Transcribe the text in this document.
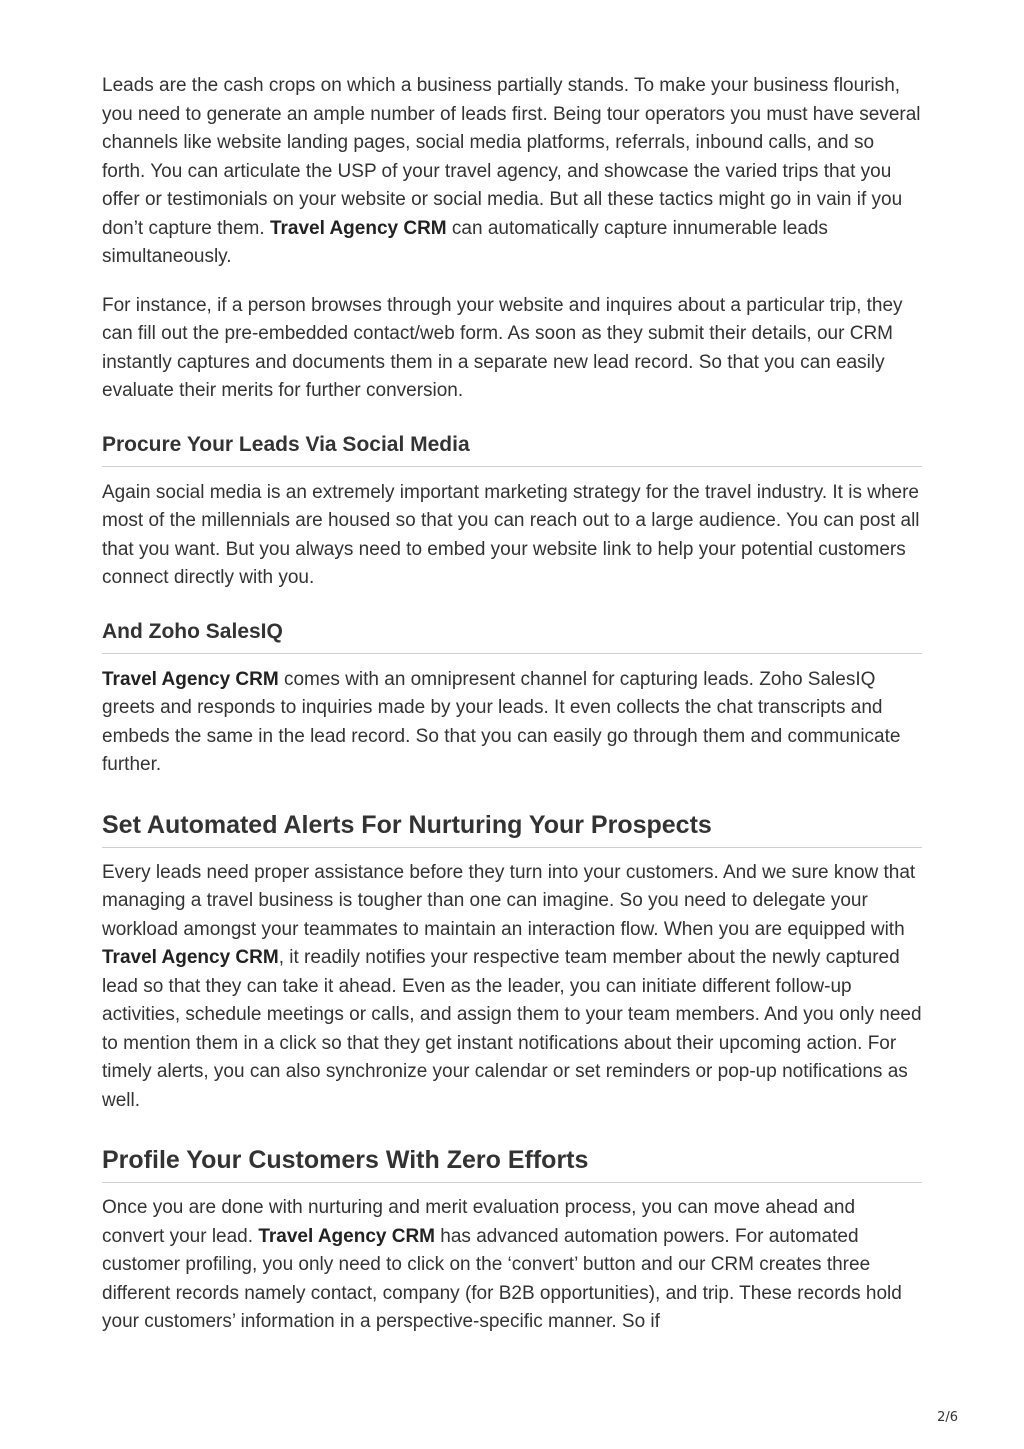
Leads are the cash crops on which a business partially stands. To make your business flourish, you need to generate an ample number of leads first. Being tour operators you must have several channels like website landing pages, social media platforms, referrals, inbound calls, and so forth. You can articulate the USP of your travel agency, and showcase the varied trips that you offer or testimonials on your website or social media. But all these tactics might go in vain if you don’t capture them. Travel Agency CRM can automatically capture innumerable leads simultaneously.

For instance, if a person browses through your website and inquires about a particular trip, they can fill out the pre-embedded contact/web form. As soon as they submit their details, our CRM instantly captures and documents them in a separate new lead record. So that you can easily evaluate their merits for further conversion.

Procure Your Leads Via Social Media

Again social media is an extremely important marketing strategy for the travel industry. It is where most of the millennials are housed so that you can reach out to a large audience. You can post all that you want. But you always need to embed your website link to help your potential customers connect directly with you.

And Zoho SalesIQ

Travel Agency CRM comes with an omnipresent channel for capturing leads. Zoho SalesIQ greets and responds to inquiries made by your leads. It even collects the chat transcripts and embeds the same in the lead record. So that you can easily go through them and communicate further.

Set Automated Alerts For Nurturing Your Prospects

Every leads need proper assistance before they turn into your customers. And we sure know that managing a travel business is tougher than one can imagine. So you need to delegate your workload amongst your teammates to maintain an interaction flow. When you are equipped with Travel Agency CRM, it readily notifies your respective team member about the newly captured lead so that they can take it ahead. Even as the leader, you can initiate different follow-up activities, schedule meetings or calls, and assign them to your team members. And you only need to mention them in a click so that they get instant notifications about their upcoming action. For timely alerts, you can also synchronize your calendar or set reminders or pop-up notifications as well.

Profile Your Customers With Zero Efforts

Once you are done with nurturing and merit evaluation process, you can move ahead and convert your lead. Travel Agency CRM has advanced automation powers. For automated customer profiling, you only need to click on the ‘convert’ button and our CRM creates three different records namely contact, company (for B2B opportunities), and trip. These records hold your customers’ information in a perspective-specific manner. So if

2/6
